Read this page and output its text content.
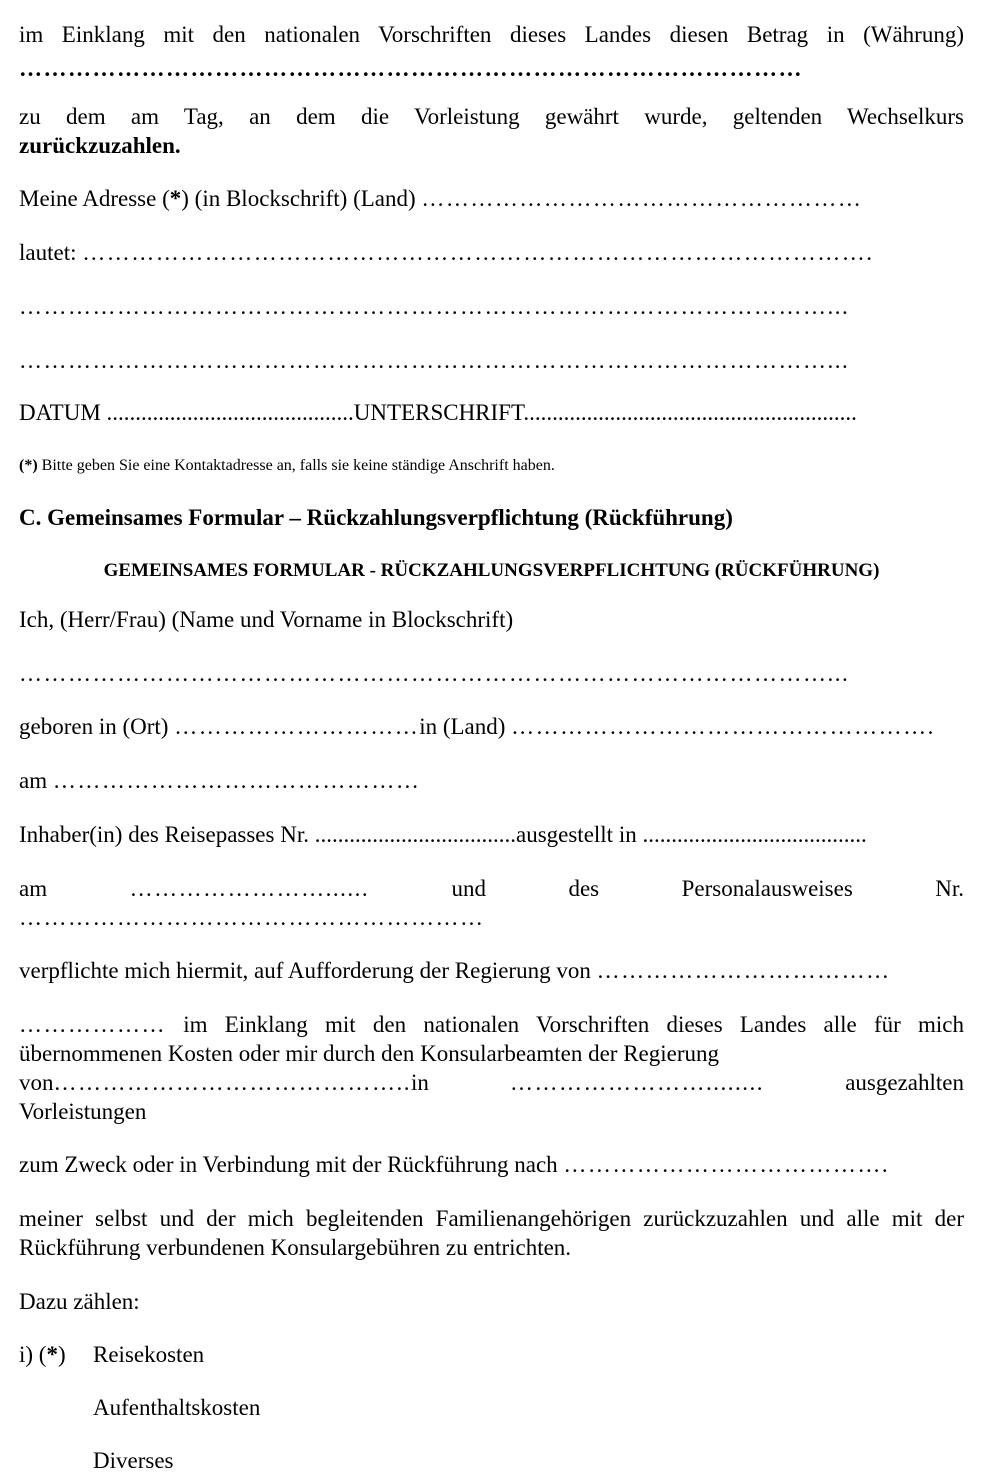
im Einklang mit den nationalen Vorschriften dieses Landes diesen Betrag in (Währung)

……………………………………………………………………………………

zu dem am Tag, an dem die Vorleistung gewährt wurde, geltenden Wechselkurs

zurückzuzahlen.

Meine Adresse (*) (in Blockschrift) (Land) ………………………………………………

lautet: …………………………………………………………………………………….

………………………………………………………………………………………...

………………………………………………………………………………………...

DATUM ...........................................UNTERSCHRIFT..........................................................

(*) Bitte geben Sie eine Kontaktadresse an, falls sie keine ständige Anschrift haben.

C. Gemeinsames Formular – Rückzahlungsverpflichtung (Rückführung)

GEMEINSAMES FORMULAR - RÜCKZAHLUNGSVERPFLICHTUNG (RÜCKFÜHRUNG)

Ich, (Herr/Frau) (Name und Vorname in Blockschrift)

………………………………………………………………………………………...

geboren in (Ort) …………………………in (Land) …………………………………………….

am ………………………………………

Inhaber(in) des Reisepasses Nr. ...................................ausgestellt in .......................................

am	……………………......	und	des	Personalausweises	Nr.

…………………………………………………

verpflichte mich hiermit, auf Aufforderung der Regierung von ………………………………

……………… im Einklang mit den nationalen Vorschriften dieses Landes alle für mich übernommenen Kosten oder mir durch den Konsularbeamten der Regierung

von……………………………………..in	……………………........	ausgezahlten

Vorleistungen

zum Zweck oder in Verbindung mit der Rückführung nach ………………………………….

meiner selbst und der mich begleitenden Familienangehörigen zurückzuzahlen und alle mit der Rückführung verbundenen Konsulargebühren zu entrichten.

Dazu zählen:

i) (*)	Reisekosten

Aufenthaltskosten

Diverses
